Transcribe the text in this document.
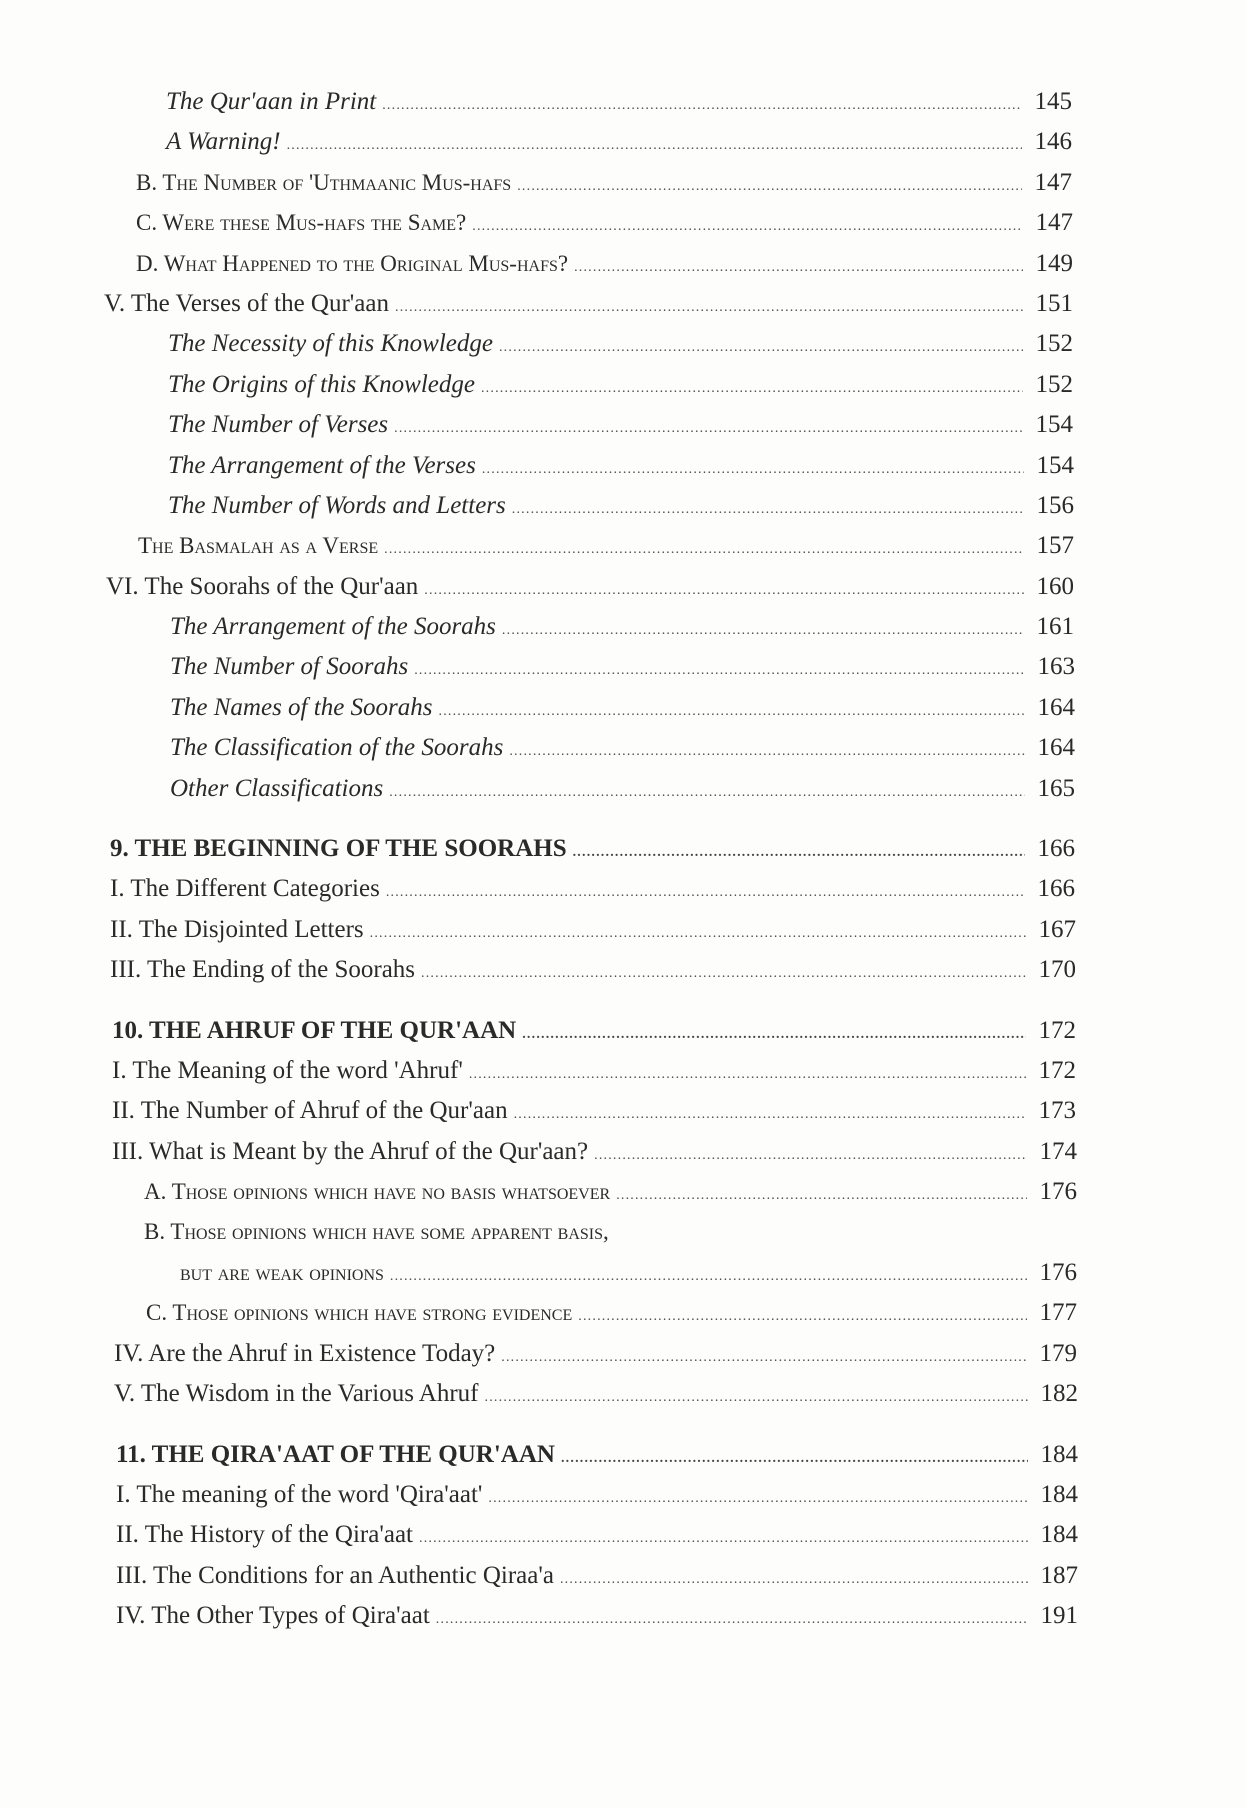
The Qur'aan in Print .....	145
A Warning! .....	146
B. The Number of 'Uthmaanic Mus-hafs .....	147
C. Were these Mus-hafs the Same? .....	147
D. What Happened to the Original Mus-hafs? .....	149
V. The Verses of the Qur'aan .....	151
The Necessity of this Knowledge .....	152
The Origins of this Knowledge .....	152
The Number of Verses .....	154
The Arrangement of the Verses .....	154
The Number of Words and Letters .....	156
The Basmalah as a Verse .....	157
VI. The Soorahs of the Qur'aan .....	160
The Arrangement of the Soorahs .....	161
The Number of Soorahs .....	163
The Names of the Soorahs .....	164
The Classification of the Soorahs .....	164
Other Classifications .....	165
9. THE BEGINNING OF THE SOORAHS .....	166
I. The Different Categories .....	166
II. The Disjointed Letters .....	167
III. The Ending of the Soorahs .....	170
10. THE AHRUF OF THE QUR'AAN .....	172
I. The Meaning of the word 'Ahruf' .....	172
II. The Number of Ahruf of the Qur'aan .....	173
III. What is Meant by the Ahruf of the Qur'aan? .....	174
A. Those opinions which have no basis whatsoever .....	176
B. Those opinions which have some apparent basis,
but are weak opinions .....	176
C. Those opinions which have strong evidence .....	177
IV. Are the Ahruf in Existence Today? .....	179
V. The Wisdom in the Various Ahruf .....	182
11. THE QIRA'AAT OF THE QUR'AAN .....	184
I. The meaning of the word 'Qira'aat' .....	184
II. The History of the Qira'aat .....	184
III. The Conditions for an Authentic Qiraa'a .....	187
IV. The Other Types of Qira'aat .....	191
